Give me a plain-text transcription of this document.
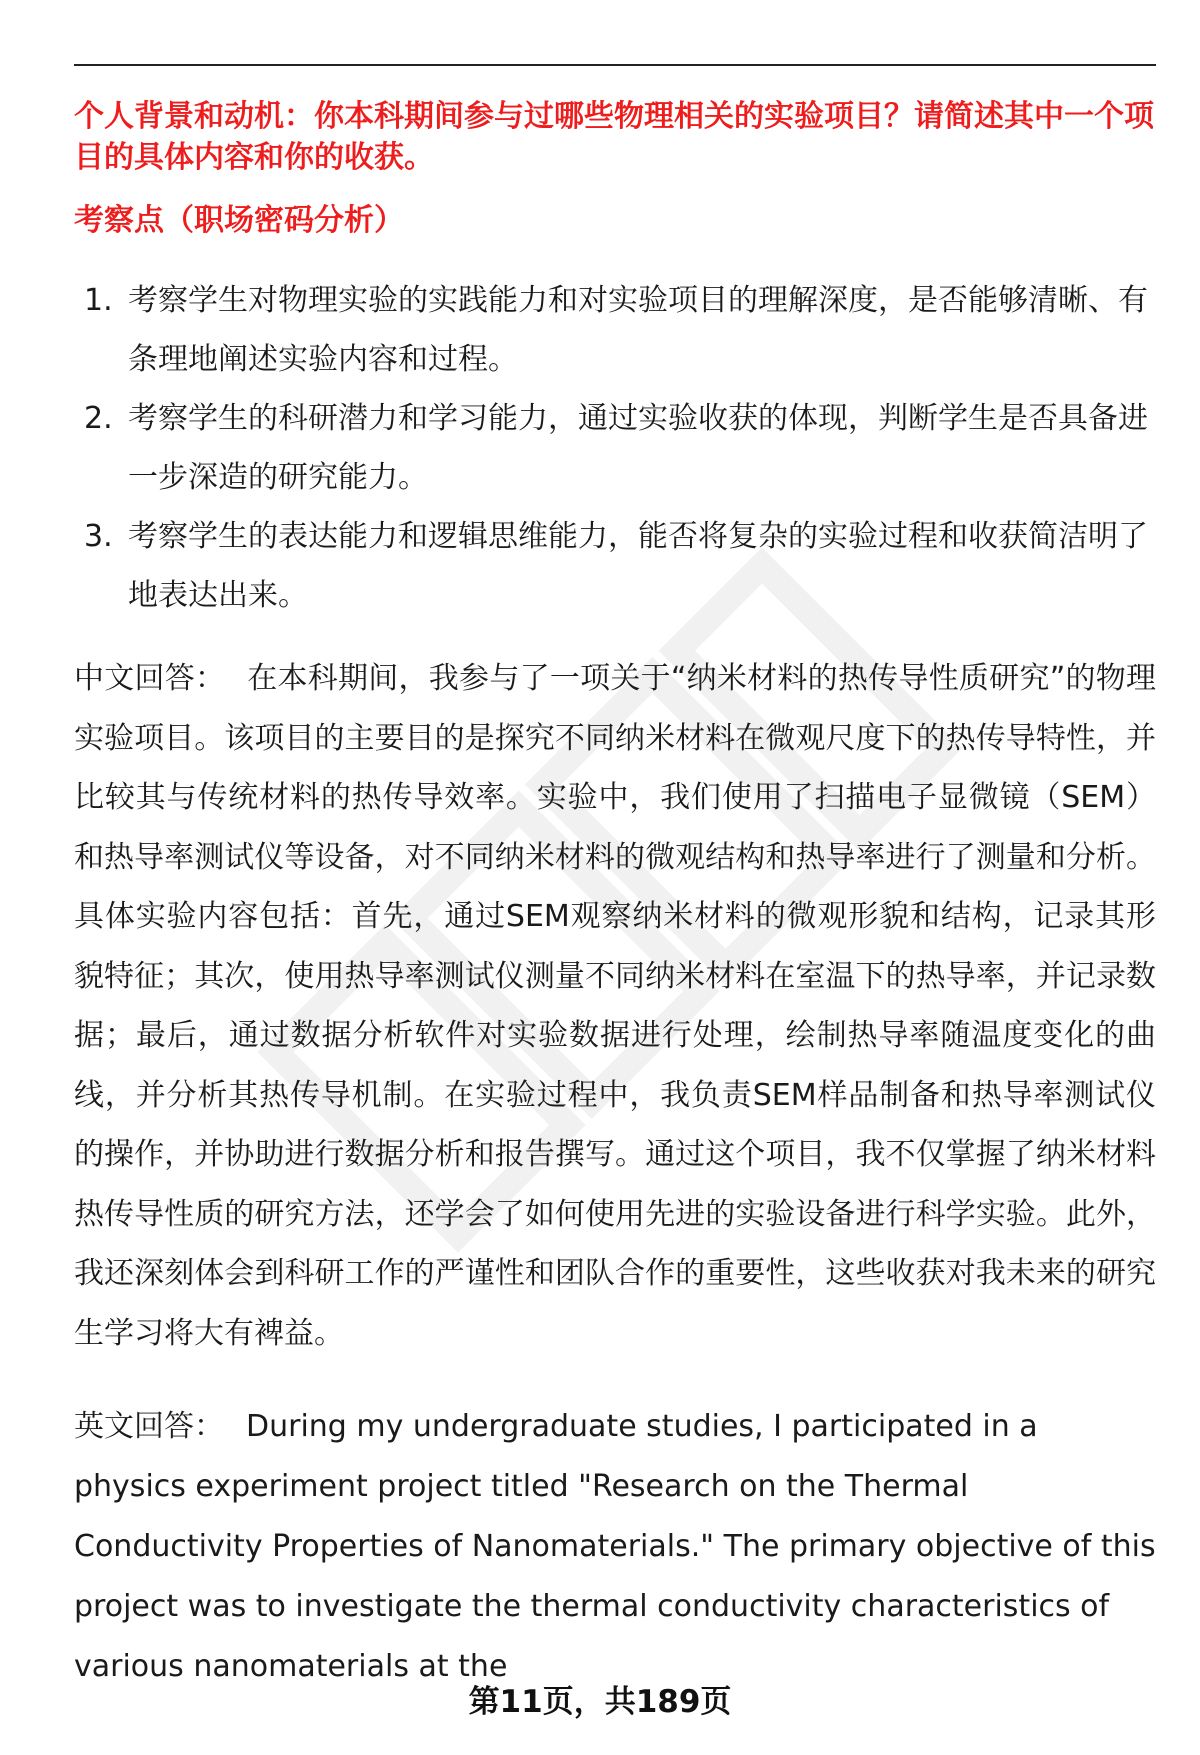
个人背景和动机：你本科期间参与过哪些物理相关的实验项目？请简述其中一个项目的具体内容和你的收获。

考察点（职场密码分析）

1. 考察学生对物理实验的实践能力和对实验项目的理解深度，是否能够清晰、有条理地阐述实验内容和过程。
2. 考察学生的科研潜力和学习能力，通过实验收获的体现，判断学生是否具备进一步深造的研究能力。
3. 考察学生的表达能力和逻辑思维能力，能否将复杂的实验过程和收获简洁明了地表达出来。

中文回答： 在本科期间，我参与了一项关于“纳米材料的热传导性质研究”的物理实验项目。该项目的主要目的是探究不同纳米材料在微观尺度下的热传导特性，并比较其与传统材料的热传导效率。实验中，我们使用了扫描电子显微镜（SEM）和热导率测试仪等设备，对不同纳米材料的微观结构和热导率进行了测量和分析。具体实验内容包括：首先，通过SEM观察纳米材料的微观形貌和结构，记录其形貌特征；其次，使用热导率测试仪测量不同纳米材料在室温下的热导率，并记录数据；最后，通过数据分析软件对实验数据进行处理，绘制热导率随温度变化的曲线，并分析其热传导机制。在实验过程中，我负责SEM样品制备和热导率测试仪的操作，并协助进行数据分析和报告撰写。通过这个项目，我不仅掌握了纳米材料热传导性质的研究方法，还学会了如何使用先进的实验设备进行科学实验。此外，我还深刻体会到科研工作的严谨性和团队合作的重要性，这些收获对我未来的研究生学习将大有裨益。

英文回答： During my undergraduate studies, I participated in a physics experiment project titled "Research on the Thermal Conductivity Properties of Nanomaterials." The primary objective of this project was to investigate the thermal conductivity characteristics of various nanomaterials at the

第11页，共189页
